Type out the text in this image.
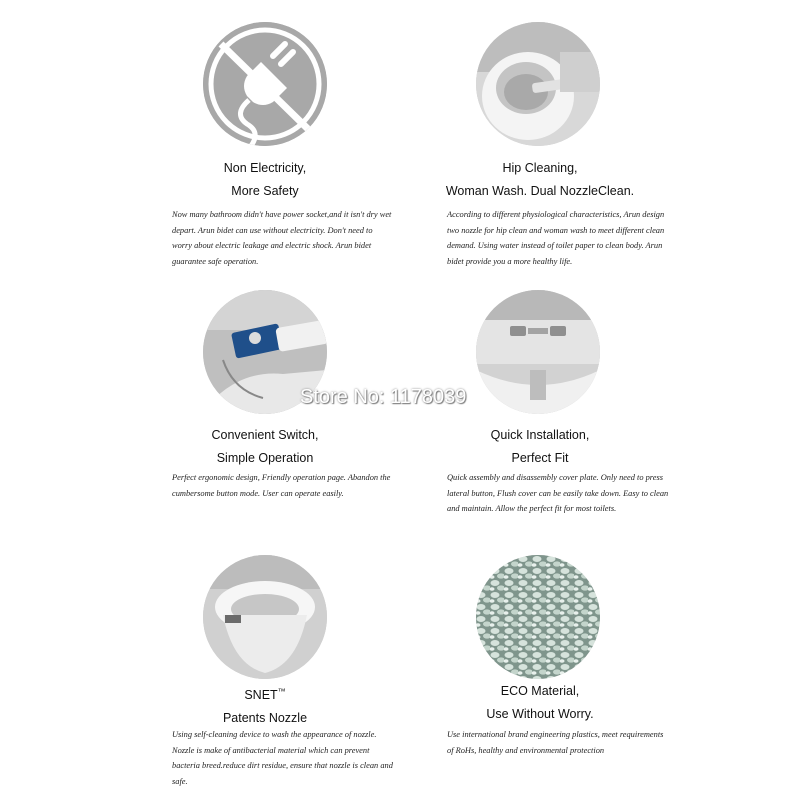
Non Electricity,
More Safety
Now many bathroom didn't have power socket,and it isn't dry wet depart. Arun bidet can use without electricity. Don't need to worry about electric leakage and electric shock. Arun bidet guarantee safe operation.
Hip Cleaning,
Woman Wash. Dual NozzleClean.
According to different physiological characteristics, Arun design two nozzle for hip clean and woman wash to meet different clean demand. Using water instead of toilet paper to clean body. Arun bidet provide you a more healthy life.
Convenient Switch,
Simple Operation
Perfect ergonomic design, Friendly operation page. Abandon the cumbersome button mode. User can operate easily.
Quick Installation,
Perfect Fit
Quick assembly and disassembly cover plate. Only need to press lateral button, Flush cover can be easily take down. Easy to clean and maintain. Allow the perfect fit for most toilets.
SNET™
Patents Nozzle
Using self-cleaning device to wash the appearance of nozzle. Nozzle is make of antibacterial material which can prevent bacteria breed.reduce dirt residue, ensure that nozzle is clean and safe.
ECO Material,
Use Without Worry.
Use international brand engineering plastics, meet requirements of RoHs, healthy and environmental protection
Store No: 1178039
